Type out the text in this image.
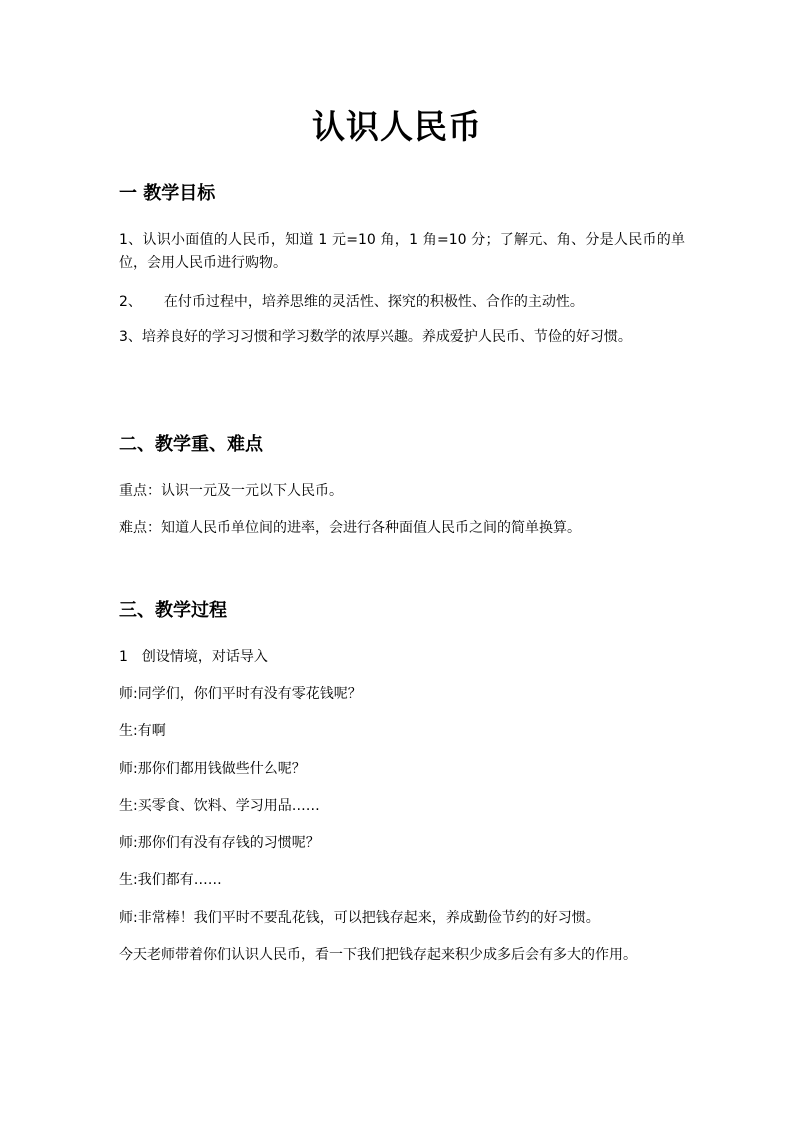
认识人民币
一 教学目标
1、认识小面值的人民币，知道 1 元=10 角，1 角=10 分；了解元、角、分是人民币的单位，会用人民币进行购物。
2、 在付币过程中，培养思维的灵活性、探究的积极性、合作的主动性。
3、培养良好的学习习惯和学习数学的浓厚兴趣。养成爱护人民币、节俭的好习惯。
二、教学重、难点
重点：认识一元及一元以下人民币。
难点：知道人民币单位间的进率，会进行各种面值人民币之间的简单换算。
三、教学过程
1 创设情境，对话导入
师:同学们，你们平时有没有零花钱呢？
生:有啊
师:那你们都用钱做些什么呢？
生:买零食、饮料、学习用品……
师:那你们有没有存钱的习惯呢？
生:我们都有……
师:非常棒！我们平时不要乱花钱，可以把钱存起来，养成勤俭节约的好习惯。
今天老师带着你们认识人民币，看一下我们把钱存起来积少成多后会有多大的作用。
